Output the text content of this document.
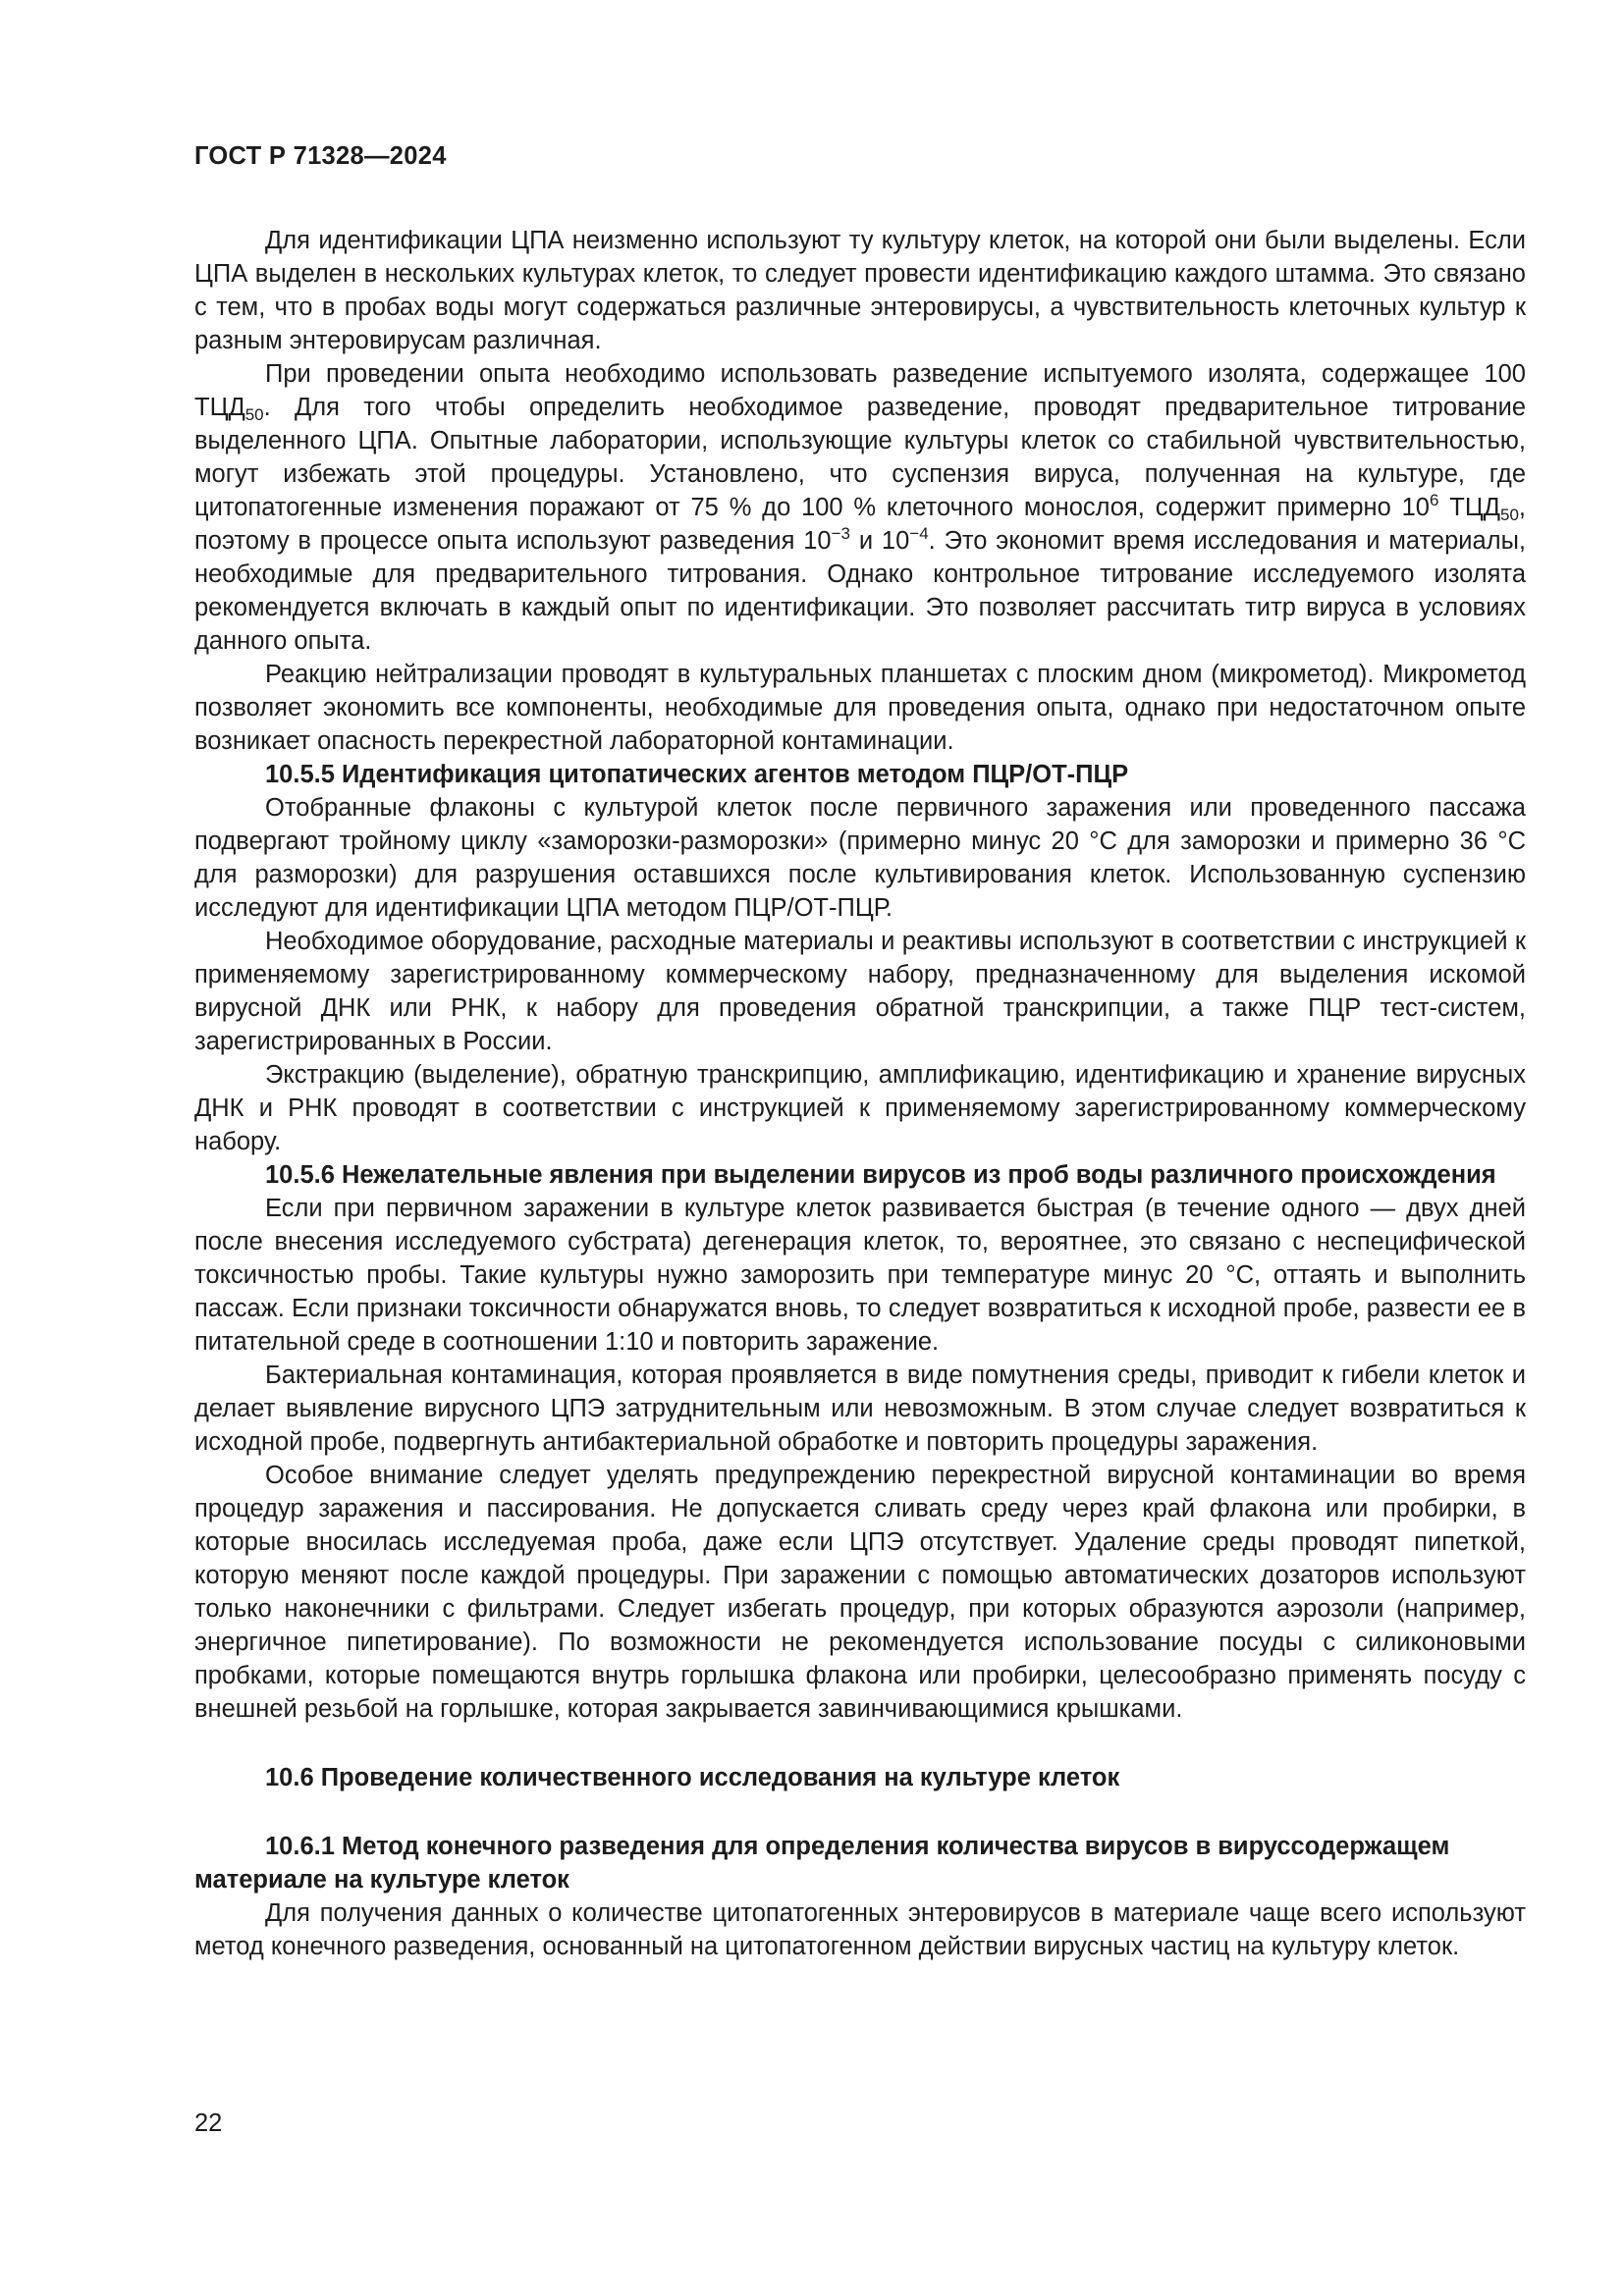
ГОСТ Р 71328—2024

Для идентификации ЦПА неизменно используют ту культуру клеток, на которой они были выделены. Если ЦПА выделен в нескольких культурах клеток, то следует провести идентификацию каждого штамма. Это связано с тем, что в пробах воды могут содержаться различные энтеровирусы, а чувствительность клеточных культур к разным энтеровирусам различная.

При проведении опыта необходимо использовать разведение испытуемого изолята, содержащее 100 $ТЦД_{50}$. Для того чтобы определить необходимое разведение, проводят предварительное титрование выделенного ЦПА. Опытные лаборатории, использующие культуры клеток со стабильной чувствительностью, могут избежать этой процедуры. Установлено, что суспензия вируса, полученная на культуре, где цитопатогенные изменения поражают от 75 % до 100 % клеточного монослоя, содержит примерно $10^6$ $ТЦД_{50}$, поэтому в процессе опыта используют разведения $10^{-3}$ и $10^{-4}$. Это экономит время исследования и материалы, необходимые для предварительного титрования. Однако контрольное титрование исследуемого изолята рекомендуется включать в каждый опыт по идентификации. Это позволяет рассчитать титр вируса в условиях данного опыта.

Реакцию нейтрализации проводят в культуральных планшетах с плоским дном (микрометод). Микрометод позволяет экономить все компоненты, необходимые для проведения опыта, однако при недостаточном опыте возникает опасность перекрестной лабораторной контаминации.

10.5.5 Идентификация цитопатических агентов методом ПЦР/ОТ-ПЦР

Отобранные флаконы с культурой клеток после первичного заражения или проведенного пассажа подвергают тройному циклу «заморозки-разморозки» (примерно минус 20 °С для заморозки и примерно 36 °С для разморозки) для разрушения оставшихся после культивирования клеток. Использованную суспензию исследуют для идентификации ЦПА методом ПЦР/ОТ-ПЦР.

Необходимое оборудование, расходные материалы и реактивы используют в соответствии с инструкцией к применяемому зарегистрированному коммерческому набору, предназначенному для выделения искомой вирусной ДНК или РНК, к набору для проведения обратной транскрипции, а также ПЦР тест-систем, зарегистрированных в России.

Экстракцию (выделение), обратную транскрипцию, амплификацию, идентификацию и хранение вирусных ДНК и РНК проводят в соответствии с инструкцией к применяемому зарегистрированному коммерческому набору.

10.5.6 Нежелательные явления при выделении вирусов из проб воды различного происхождения

Если при первичном заражении в культуре клеток развивается быстрая (в течение одного — двух дней после внесения исследуемого субстрата) дегенерация клеток, то, вероятнее, это связано с неспецифической токсичностью пробы. Такие культуры нужно заморозить при температуре минус 20 °С, оттаять и выполнить пассаж. Если признаки токсичности обнаружатся вновь, то следует возвратиться к исходной пробе, развести ее в питательной среде в соотношении 1:10 и повторить заражение.

Бактериальная контаминация, которая проявляется в виде помутнения среды, приводит к гибели клеток и делает выявление вирусного ЦПЭ затруднительным или невозможным. В этом случае следует возвратиться к исходной пробе, подвергнуть антибактериальной обработке и повторить процедуры заражения.

Особое внимание следует уделять предупреждению перекрестной вирусной контаминации во время процедур заражения и пассирования. Не допускается сливать среду через край флакона или пробирки, в которые вносилась исследуемая проба, даже если ЦПЭ отсутствует. Удаление среды проводят пипеткой, которую меняют после каждой процедуры. При заражении с помощью автоматических дозаторов используют только наконечники с фильтрами. Следует избегать процедур, при которых образуются аэрозоли (например, энергичное пипетирование). По возможности не рекомендуется использование посуды с силиконовыми пробками, которые помещаются внутрь горлышка флакона или пробирки, целесообразно применять посуду с внешней резьбой на горлышке, которая закрывается завинчивающимися крышками.

10.6 Проведение количественного исследования на культуре клеток
10.6.1 Метод конечного разведения для определения количества вирусов в вируссодержащем материале на культуре клеток

Для получения данных о количестве цитопатогенных энтеровирусов в материале чаще всего используют метод конечного разведения, основанный на цитопатогенном действии вирусных частиц на культуру клеток.

22
